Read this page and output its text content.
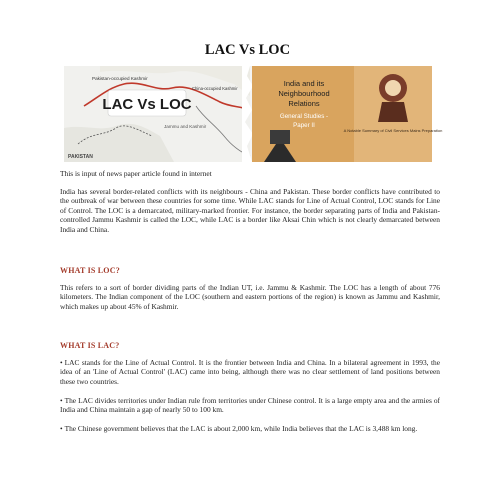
LAC Vs LOC
LAC Vs LOC
Pakistan-occupied Kashmir
China-occupied Kashmir
Jammu and Kashmir
PAKISTAN
A Notable Summary of Civil Services Mains Preparation
India and its
Neighbourhood
Relations
General Studies -
Paper II

This is input of news paper article found in internet

India has several border-related conflicts with its neighbours - China and Pakistan. These border conflicts have contributed to the outbreak of war between these countries for some time. While LAC stands for Line of Actual Control, LOC stands for Line of Control. The LOC is a demarcated, military-marked frontier. For instance, the border separating parts of India and Pakistan-controlled Jammu Kashmir is called the LOC, while LAC is a border like Aksai Chin which is not clearly demarcated between India and China.

WHAT IS LOC?

This refers to a sort of border dividing parts of the Indian UT, i.e. Jammu & Kashmir. The LOC has a length of about 776 kilometers. The Indian component of the LOC (southern and eastern portions of the region) is known as Jammu and Kashmir, which makes up about 45% of Kashmir.

WHAT IS LAC?

• LAC stands for the Line of Actual Control. It is the frontier between India and China. In a bilateral agreement in 1993, the idea of an 'Line of Actual Control' (LAC) came into being, although there was no clear settlement of land positions between these two countries.

• The LAC divides territories under Indian rule from territories under Chinese control. It is a large empty area and the armies of India and China maintain a gap of nearly 50 to 100 km.

• The Chinese government believes that the LAC is about 2,000 km, while India believes that the LAC is 3,488 km long.
